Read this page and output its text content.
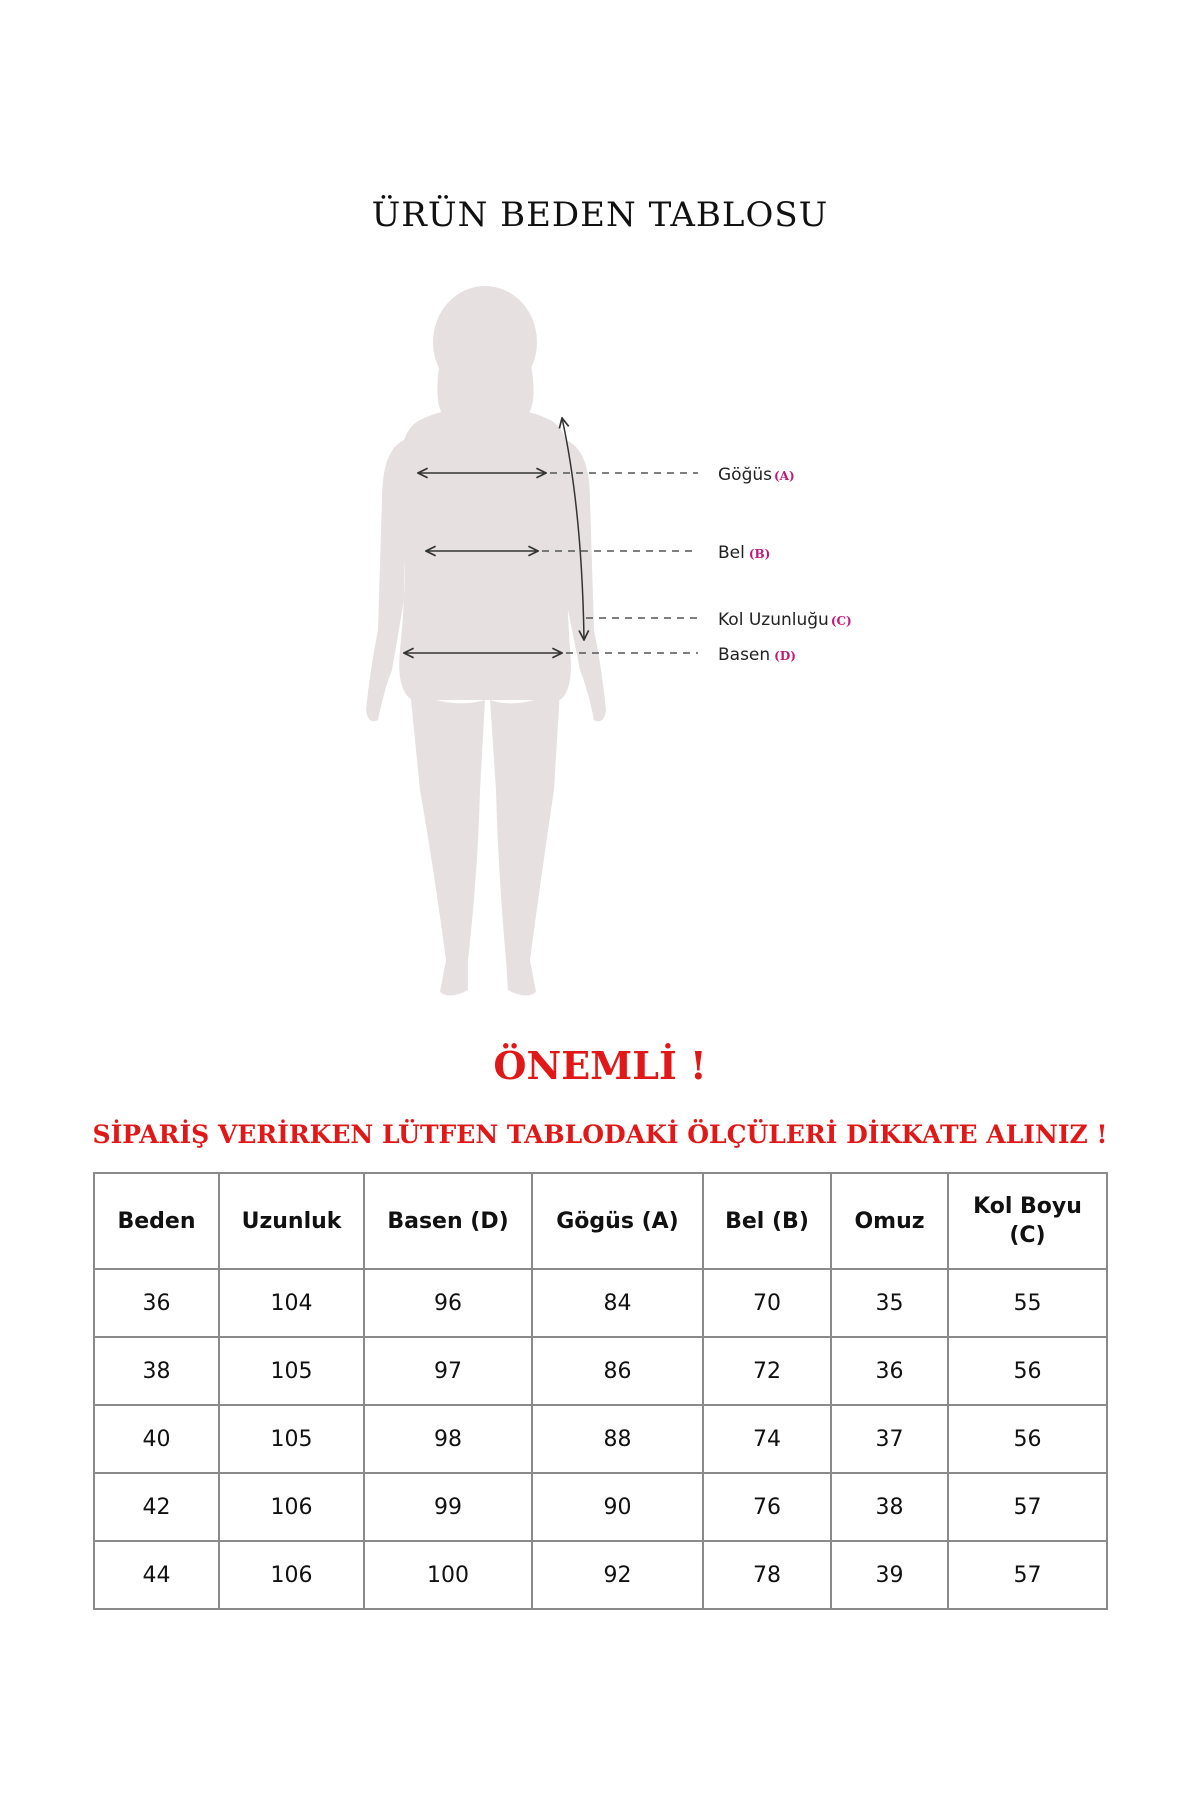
ÜRÜN BEDEN TABLOSU
Göğüs (A)
Bel (B)
Kol Uzunluğu (C)
Basen (D)
ÖNEMLİ !
SİPARİŞ VERİRKEN LÜTFEN TABLODAKİ ÖLÇÜLERİ DİKKATE ALINIZ !
Beden	Uzunluk	Basen (D)	Gögüs (A)	Bel (B)	Omuz	Kol Boyu (C)
36	104	96	84	70	35	55
38	105	97	86	72	36	56
40	105	98	88	74	37	56
42	106	99	90	76	38	57
44	106	100	92	78	39	57
